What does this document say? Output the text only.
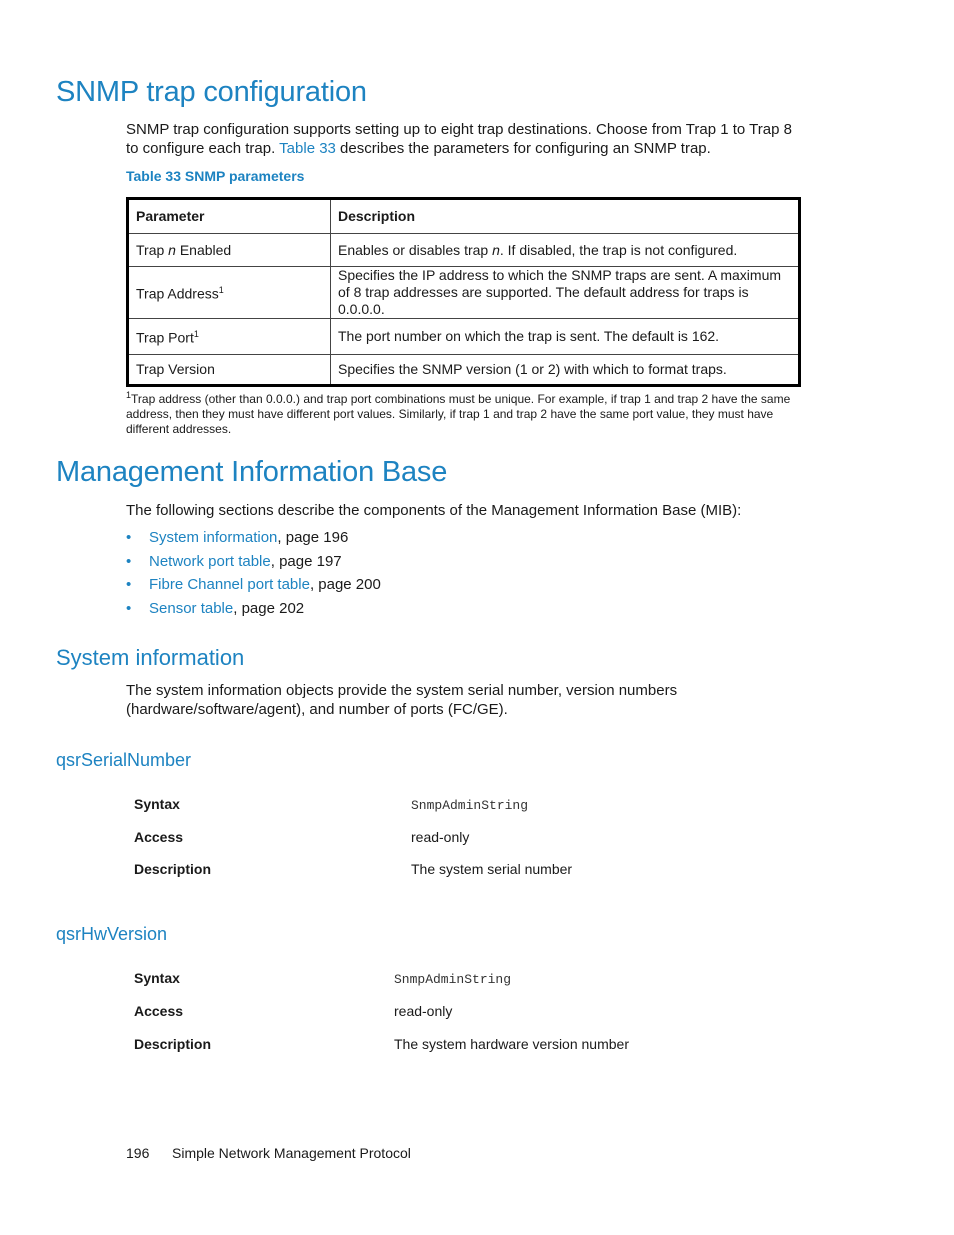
SNMP trap configuration

SNMP trap configuration supports setting up to eight trap destinations. Choose from Trap 1 to Trap 8 to configure each trap. Table 33 describes the parameters for configuring an SNMP trap.

Table 33 SNMP parameters
Parameter	Description
Trap n Enabled	Enables or disables trap n. If disabled, the trap is not configured.
Trap Address$^1$	Specifies the IP address to which the SNMP traps are sent. A maximum of 8 trap addresses are supported. The default address for traps is 0.0.0.0.
Trap Port$^1$	The port number on which the trap is sent. The default is 162.
Trap Version	Specifies the SNMP version (1 or 2) with which to format traps.
$^1$Trap address (other than 0.0.0.) and trap port combinations must be unique. For example, if trap 1 and trap 2 have the same address, then they must have different port values. Similarly, if trap 1 and trap 2 have the same port value, they must have different addresses.
Management Information Base

The following sections describe the components of the Management Information Base (MIB):

• System information, page 196
• Network port table, page 197
• Fibre Channel port table, page 200
• Sensor table, page 202
System information

The system information objects provide the system serial number, version numbers (hardware/software/agent), and number of ports (FC/GE).

qsrSerialNumber
Syntax	SnmpAdminString
Access	read-only
Description	The system serial number
qsrHwVersion
Syntax	SnmpAdminString
Access	read-only
Description	The system hardware version number
196 Simple Network Management Protocol
